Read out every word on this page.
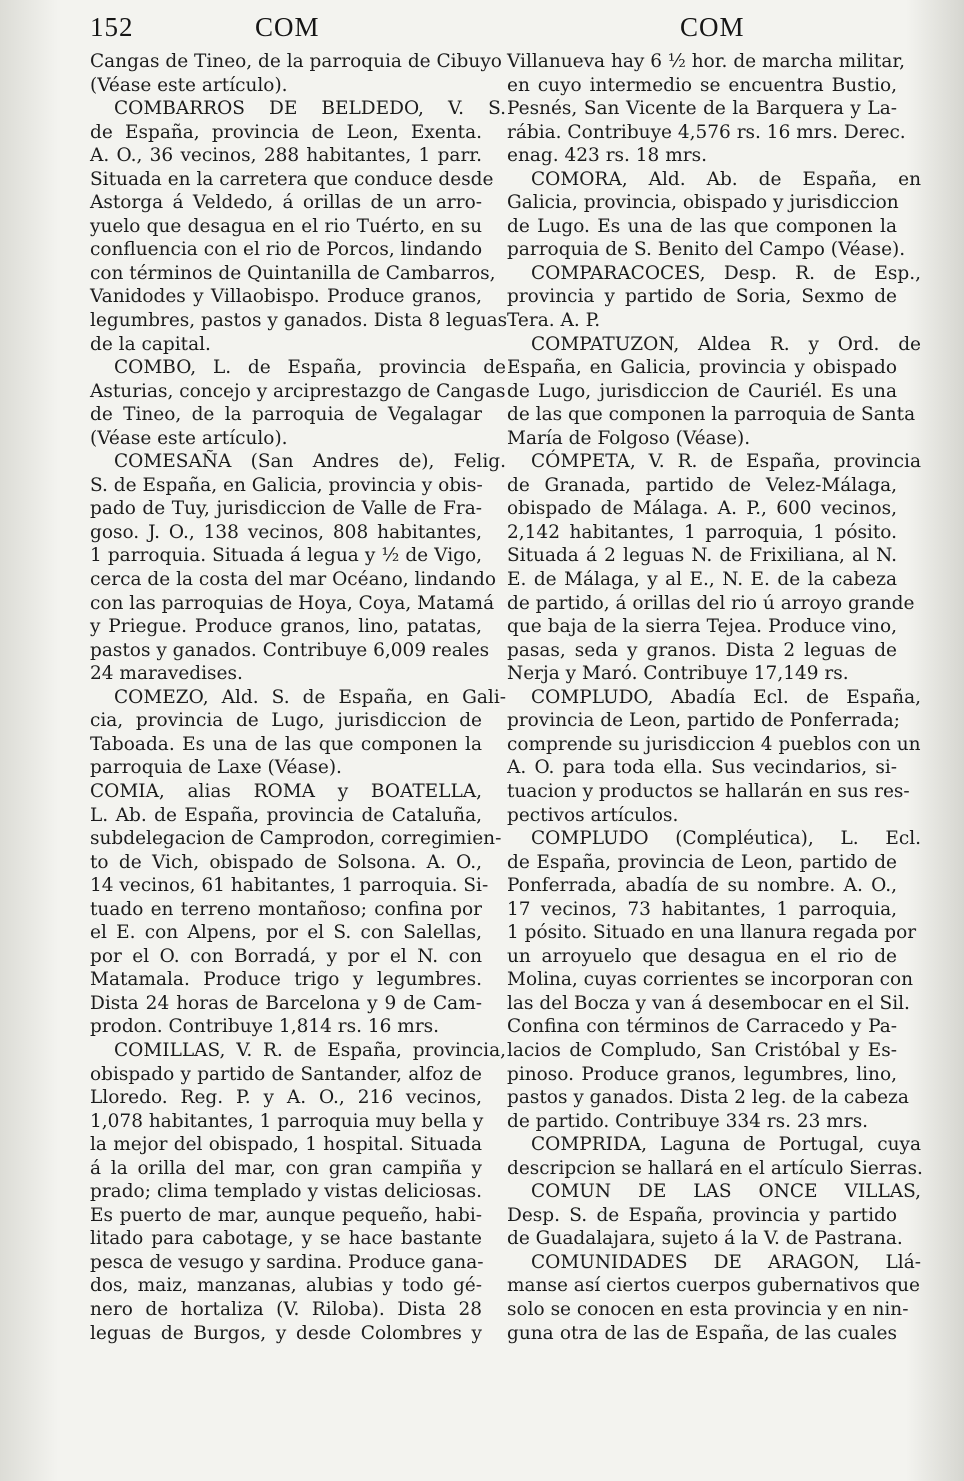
152	COM	COM
Cangas de Tineo, de la parroquia de Cibuyo
(Véase este artículo).
COMBARROS DE BELDEDO, V. S.
de España, provincia de Leon, Exenta.
A. O., 36 vecinos, 288 habitantes, 1 parr.
Situada en la carretera que conduce desde
Astorga á Veldedo, á orillas de un arro-
yuelo que desagua en el rio Tuérto, en su
confluencia con el rio de Porcos, lindando
con términos de Quintanilla de Cambarros,
Vanidodes y Villaobispo. Produce granos,
legumbres, pastos y ganados. Dista 8 leguas
de la capital.
COMBO, L. de España, provincia de
Asturias, concejo y arciprestazgo de Cangas
de Tineo, de la parroquia de Vegalagar
(Véase este artículo).
COMESAÑA (San Andres de), Felig.
S. de España, en Galicia, provincia y obis-
pado de Tuy, jurisdiccion de Valle de Fra-
goso. J. O., 138 vecinos, 808 habitantes,
1 parroquia. Situada á legua y ½ de Vigo,
cerca de la costa del mar Océano, lindando
con las parroquias de Hoya, Coya, Matamá
y Priegue. Produce granos, lino, patatas,
pastos y ganados. Contribuye 6,009 reales
24 maravedises.
COMEZO, Ald. S. de España, en Gali-
cia, provincia de Lugo, jurisdiccion de
Taboada. Es una de las que componen la
parroquia de Laxe (Véase).
COMIA, alias ROMA y BOATELLA,
L. Ab. de España, provincia de Cataluña,
subdelegacion de Camprodon, corregimien-
to de Vich, obispado de Solsona. A. O.,
14 vecinos, 61 habitantes, 1 parroquia. Si-
tuado en terreno montañoso; confina por
el E. con Alpens, por el S. con Salellas,
por el O. con Borradá, y por el N. con
Matamala. Produce trigo y legumbres.
Dista 24 horas de Barcelona y 9 de Cam-
prodon. Contribuye 1,814 rs. 16 mrs.
COMILLAS, V. R. de España, provincia,
obispado y partido de Santander, alfoz de
Lloredo. Reg. P. y A. O., 216 vecinos,
1,078 habitantes, 1 parroquia muy bella y
la mejor del obispado, 1 hospital. Situada
á la orilla del mar, con gran campiña y
prado; clima templado y vistas deliciosas.
Es puerto de mar, aunque pequeño, habi-
litado para cabotage, y se hace bastante
pesca de vesugo y sardina. Produce gana-
dos, maiz, manzanas, alubias y todo gé-
nero de hortaliza (V. Riloba). Dista 28
leguas de Burgos, y desde Colombres y
Villanueva hay 6 ½ hor. de marcha militar,
en cuyo intermedio se encuentra Bustio,
Pesnés, San Vicente de la Barquera y La-
rábia. Contribuye 4,576 rs. 16 mrs. Derec.
enag. 423 rs. 18 mrs.
COMORA, Ald. Ab. de España, en
Galicia, provincia, obispado y jurisdiccion
de Lugo. Es una de las que componen la
parroquia de S. Benito del Campo (Véase).
COMPARACOCES, Desp. R. de Esp.,
provincia y partido de Soria, Sexmo de
Tera. A. P.
COMPATUZON, Aldea R. y Ord. de
España, en Galicia, provincia y obispado
de Lugo, jurisdiccion de Cauriél. Es una
de las que componen la parroquia de Santa
María de Folgoso (Véase).
CÓMPETA, V. R. de España, provincia
de Granada, partido de Velez-Málaga,
obispado de Málaga. A. P., 600 vecinos,
2,142 habitantes, 1 parroquia, 1 pósito.
Situada á 2 leguas N. de Frixiliana, al N.
E. de Málaga, y al E., N. E. de la cabeza
de partido, á orillas del rio ú arroyo grande
que baja de la sierra Tejea. Produce vino,
pasas, seda y granos. Dista 2 leguas de
Nerja y Maró. Contribuye 17,149 rs.
COMPLUDO, Abadía Ecl. de España,
provincia de Leon, partido de Ponferrada;
comprende su jurisdiccion 4 pueblos con un
A. O. para toda ella. Sus vecindarios, si-
tuacion y productos se hallarán en sus res-
pectivos artículos.
COMPLUDO (Compléutica), L. Ecl.
de España, provincia de Leon, partido de
Ponferrada, abadía de su nombre. A. O.,
17 vecinos, 73 habitantes, 1 parroquia,
1 pósito. Situado en una llanura regada por
un arroyuelo que desagua en el rio de
Molina, cuyas corrientes se incorporan con
las del Bocza y van á desembocar en el Sil.
Confina con términos de Carracedo y Pa-
lacios de Compludo, San Cristóbal y Es-
pinoso. Produce granos, legumbres, lino,
pastos y ganados. Dista 2 leg. de la cabeza
de partido. Contribuye 334 rs. 23 mrs.
COMPRIDA, Laguna de Portugal, cuya
descripcion se hallará en el artículo Sierras.
COMUN DE LAS ONCE VILLAS,
Desp. S. de España, provincia y partido
de Guadalajara, sujeto á la V. de Pastrana.
COMUNIDADES DE ARAGON, Llá-
manse así ciertos cuerpos gubernativos que
solo se conocen en esta provincia y en nin-
guna otra de las de España, de las cuales
